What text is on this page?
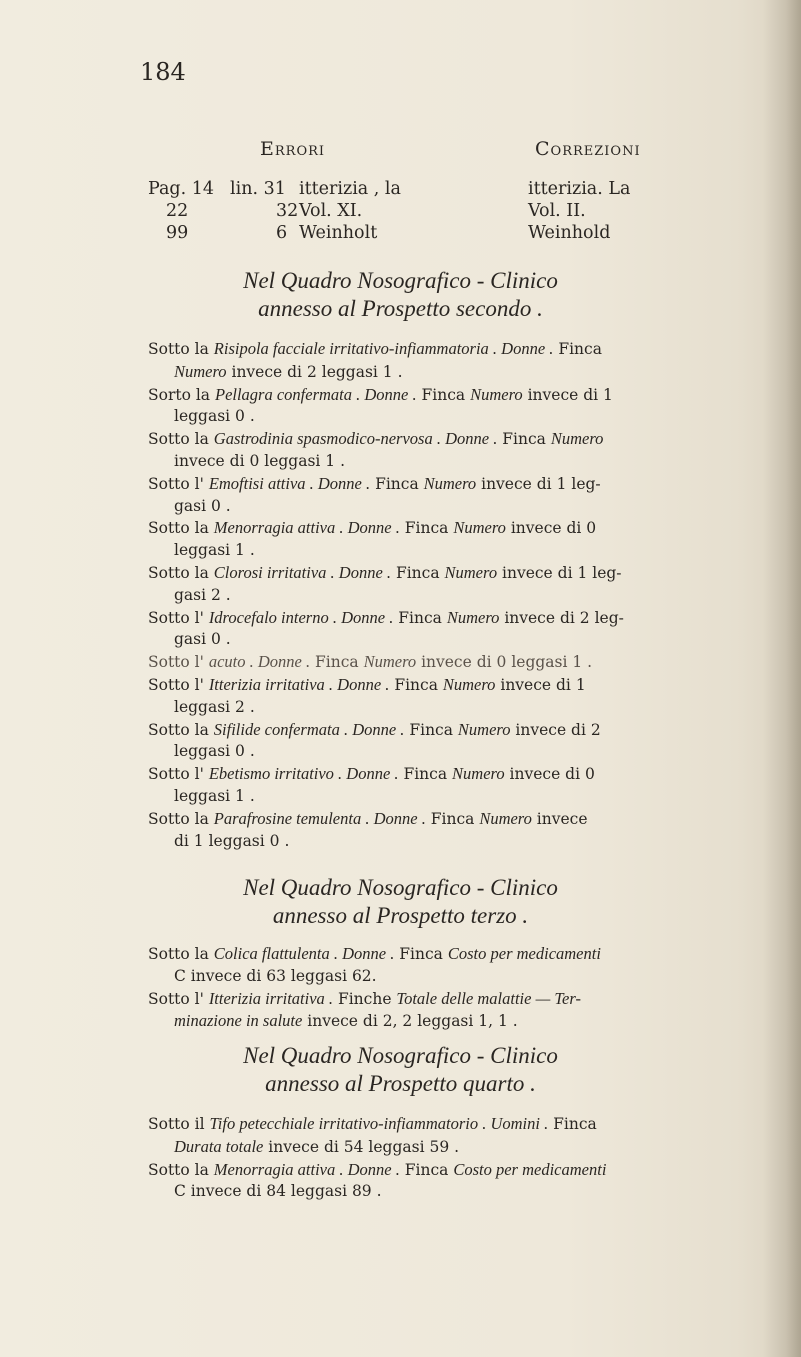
184
Errori	Correzioni
Pag. 14 lin. 31 itterizia , la	itterizia. La
22	32 Vol. XI.	Vol. II.
99	6 Weinholt	Weinhold
Nel Quadro Nosografico - Clinico
annesso al Prospetto secondo .

Sotto la Risipola facciale irritativo-infiammatoria . Donne . Finca
Numero invece di 2 leggasi 1 .

Sorto la Pellagra confermata . Donne . Finca Numero invece di 1
leggasi 0 .

Sotto la Gastrodinia spasmodico-nervosa . Donne . Finca Numero
invece di 0 leggasi 1 .

Sotto l' Emoftisi attiva . Donne . Finca Numero invece di 1 leg-
gasi 0 .

Sotto la Menorragia attiva . Donne . Finca Numero invece di 0
leggasi 1 .

Sotto la Clorosi irritativa . Donne . Finca Numero invece di 1 leg-
gasi 2 .

Sotto l' Idrocefalo interno . Donne . Finca Numero invece di 2 leg-
gasi 0 .

Sotto l' acuto . Donne . Finca Numero invece di 0 leggasi 1 .

Sotto l' Itterizia irritativa . Donne . Finca Numero invece di 1
leggasi 2 .

Sotto la Sifilide confermata . Donne . Finca Numero invece di 2
leggasi 0 .

Sotto l' Ebetismo irritativo . Donne . Finca Numero invece di 0
leggasi 1 .

Sotto la Parafrosine temulenta . Donne . Finca Numero invece
di 1 leggasi 0 .

Nel Quadro Nosografico - Clinico
annesso al Prospetto terzo .

Sotto la Colica flattulenta . Donne . Finca Costo per medicamenti
C invece di 63 leggasi 62.

Sotto l' Itterizia irritativa . Finche Totale delle malattie — Ter-
minazione in salute invece di 2, 2 leggasi 1, 1 .

Nel Quadro Nosografico - Clinico
annesso al Prospetto quarto .

Sotto il Tifo petecchiale irritativo-infiammatorio . Uomini . Finca
Durata totale invece di 54 leggasi 59 .

Sotto la Menorragia attiva . Donne . Finca Costo per medicamenti
C invece di 84 leggasi 89 .
